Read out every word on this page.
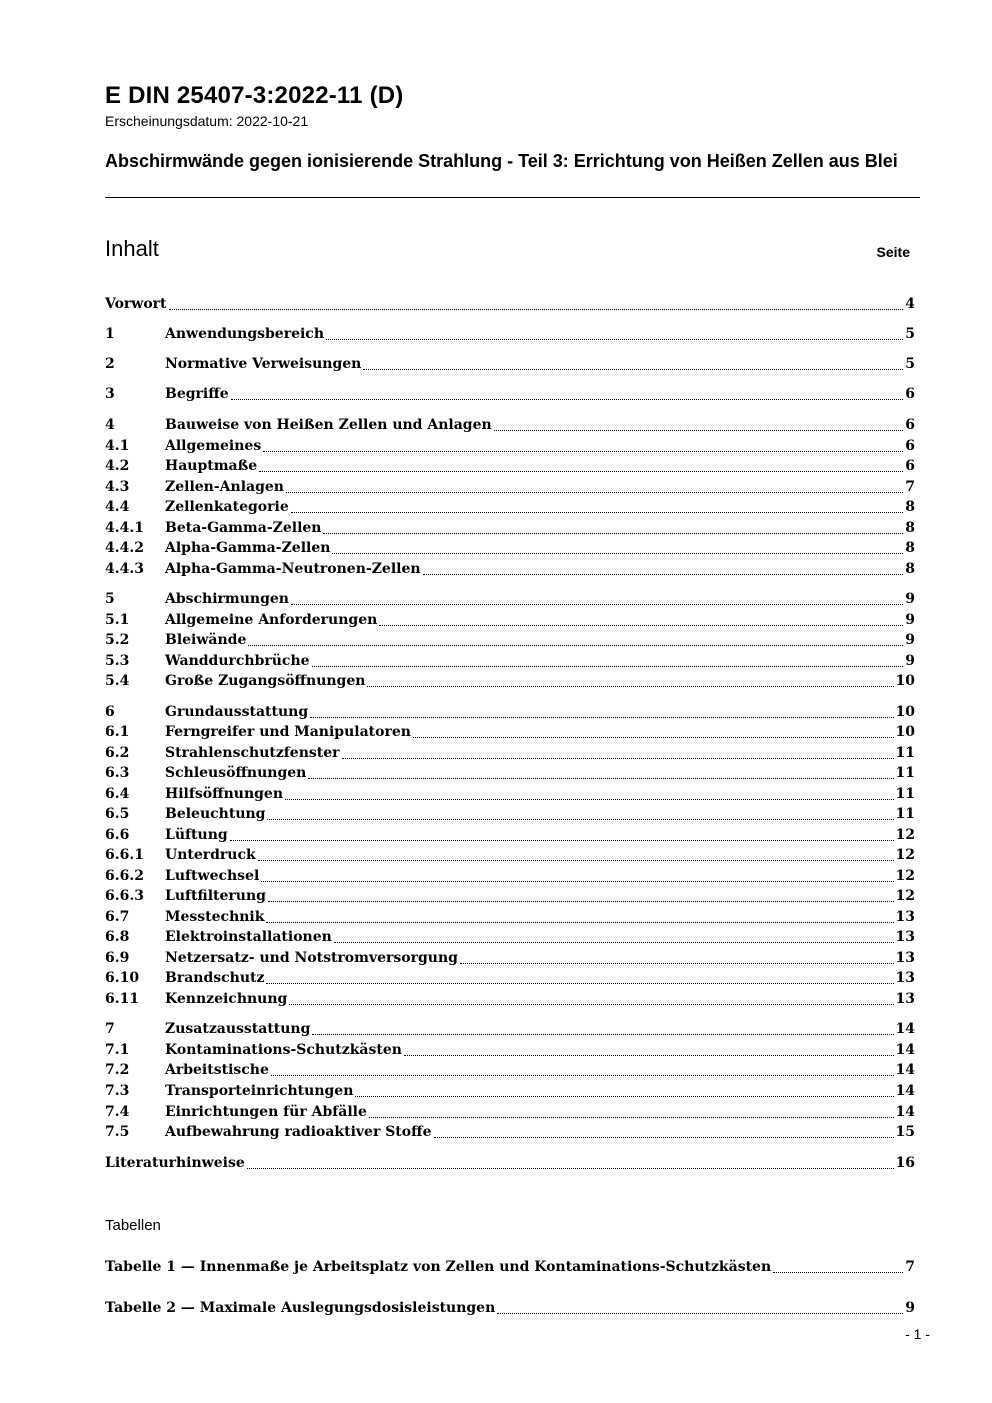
E DIN 25407-3:2022-11 (D)
Erscheinungsdatum: 2022-10-21
Abschirmwände gegen ionisierende Strahlung - Teil 3: Errichtung von Heißen Zellen aus Blei
Inhalt	Seite
Vorwort	4
1	Anwendungsbereich	5
2	Normative Verweisungen	5
3	Begriffe	6
4	Bauweise von Heißen Zellen und Anlagen	6
4.1	Allgemeines	6
4.2	Hauptmaße	6
4.3	Zellen-Anlagen	7
4.4	Zellenkategorie	8
4.4.1	Beta-Gamma-Zellen	8
4.4.2	Alpha-Gamma-Zellen	8
4.4.3	Alpha-Gamma-Neutronen-Zellen	8
5	Abschirmungen	9
5.1	Allgemeine Anforderungen	9
5.2	Bleiwände	9
5.3	Wanddurchbrüche	9
5.4	Große Zugangsöffnungen	10
6	Grundausstattung	10
6.1	Ferngreifer und Manipulatoren	10
6.2	Strahlenschutzfenster	11
6.3	Schleusöffnungen	11
6.4	Hilfsöffnungen	11
6.5	Beleuchtung	11
6.6	Lüftung	12
6.6.1	Unterdruck	12
6.6.2	Luftwechsel	12
6.6.3	Luftfilterung	12
6.7	Messtechnik	13
6.8	Elektroinstallationen	13
6.9	Netzersatz- und Notstromversorgung	13
6.10	Brandschutz	13
6.11	Kennzeichnung	13
7	Zusatzausstattung	14
7.1	Kontaminations-Schutzkästen	14
7.2	Arbeitstische	14
7.3	Transporteinrichtungen	14
7.4	Einrichtungen für Abfälle	14
7.5	Aufbewahrung radioaktiver Stoffe	15
Literaturhinweise	16
Tabellen
Tabelle 1 — Innenmaße je Arbeitsplatz von Zellen und Kontaminations-Schutzkästen	7
Tabelle 2 — Maximale Auslegungsdosisleistungen	9
- 1 -
